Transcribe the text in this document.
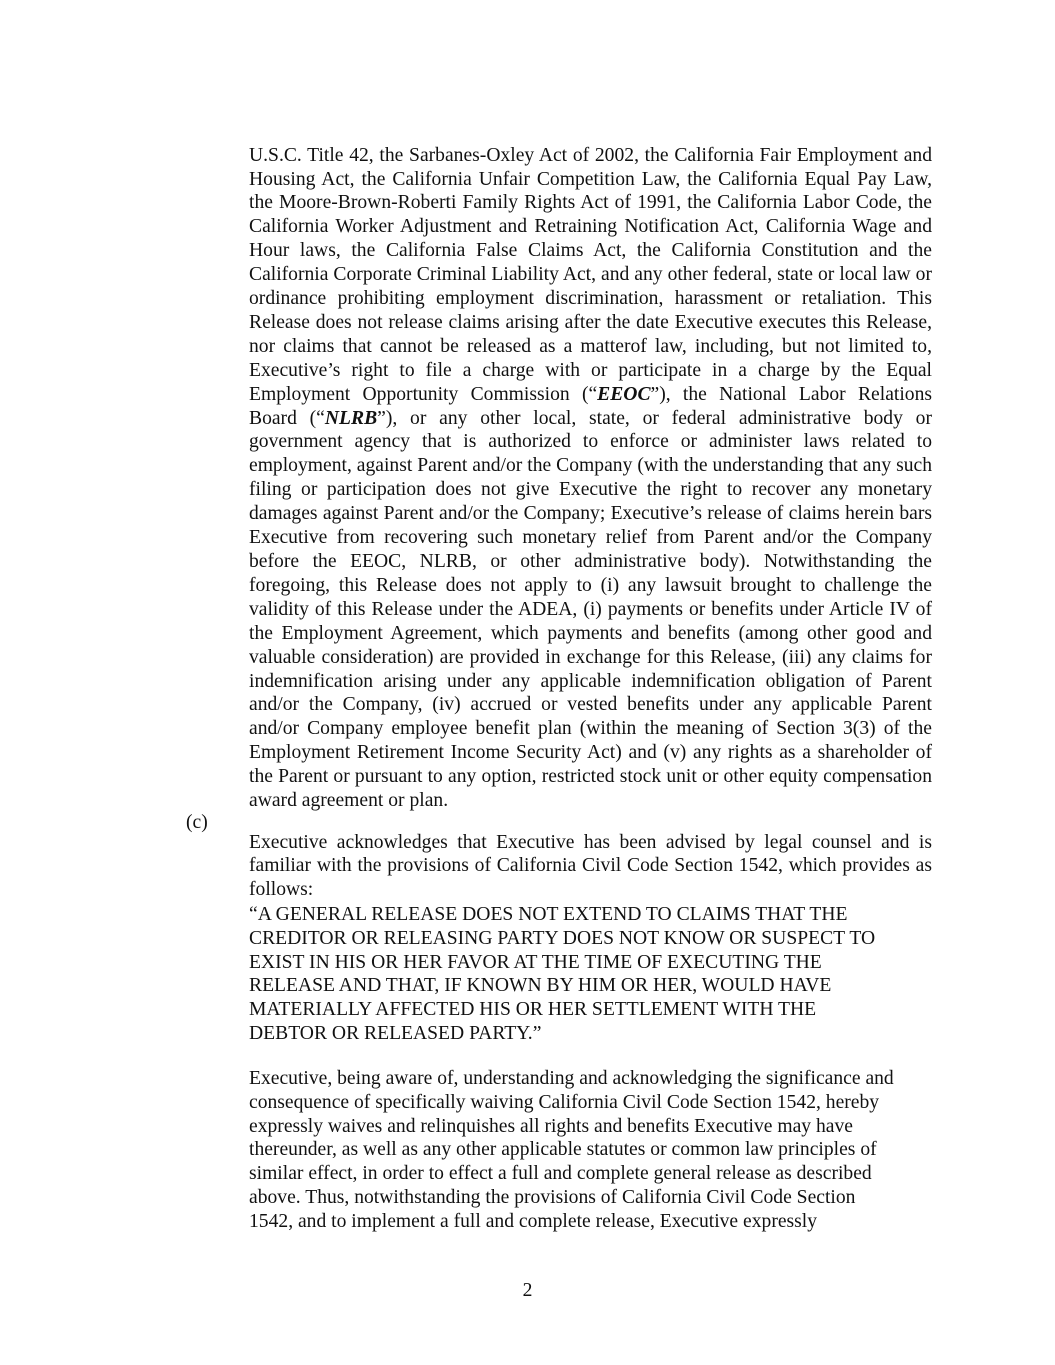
U.S.C. Title 42, the Sarbanes-Oxley Act of 2002, the California Fair Employment and Housing Act, the California Unfair Competition Law, the California Equal Pay Law, the Moore-Brown-Roberti Family Rights Act of 1991, the California Labor Code, the California Worker Adjustment and Retraining Notification Act, California Wage and Hour laws, the California False Claims Act, the California Constitution and the California Corporate Criminal Liability Act, and any other federal, state or local law or ordinance prohibiting employment discrimination, harassment or retaliation. This Release does not release claims arising after the date Executive executes this Release, nor claims that cannot be released as a matterof law, including, but not limited to, Executive’s right to file a charge with or participate in a charge by the Equal Employment Opportunity Commission (“EEOC”), the National Labor Relations Board (“NLRB”), or any other local, state, or federal administrative body or government agency that is authorized to enforce or administer laws related to employment, against Parent and/or the Company (with the understanding that any such filing or participation does not give Executive the right to recover any monetary damages against Parent and/or the Company; Executive’s release of claims herein bars Executive from recovering such monetary relief from Parent and/or the Company before the EEOC, NLRB, or other administrative body). Notwithstanding the foregoing, this Release does not apply to (i) any lawsuit brought to challenge the validity of this Release under the ADEA, (i) payments or benefits under Article IV of the Employment Agreement, which payments and benefits (among other good and valuable consideration) are provided in exchange for this Release, (iii) any claims for indemnification arising under any applicable indemnification obligation of Parent and/or the Company, (iv) accrued or vested benefits under any applicable Parent and/or Company employee benefit plan (within the meaning of Section 3(3) of the Employment Retirement Income Security Act) and (v) any rights as a shareholder of the Parent or pursuant to any option, restricted stock unit or other equity compensation award agreement or plan.

(c)

Executive acknowledges that Executive has been advised by legal counsel and is familiar with the provisions of California Civil Code Section 1542, which provides as follows:

“A GENERAL RELEASE DOES NOT EXTEND TO CLAIMS THAT THE
CREDITOR OR RELEASING PARTY DOES NOT KNOW OR SUSPECT TO
EXIST IN HIS OR HER FAVOR AT THE TIME OF EXECUTING THE
RELEASE AND THAT, IF KNOWN BY HIM OR HER, WOULD HAVE
MATERIALLY AFFECTED HIS OR HER SETTLEMENT WITH THE
DEBTOR OR RELEASED PARTY.”
Executive, being aware of, understanding and acknowledging the significance and
consequence of specifically waiving California Civil Code Section 1542, hereby
expressly waives and relinquishes all rights and benefits Executive may have
thereunder, as well as any other applicable statutes or common law principles of
similar effect, in order to effect a full and complete general release as described
above. Thus, notwithstanding the provisions of California Civil Code Section
1542, and to implement a full and complete release, Executive expressly
2
